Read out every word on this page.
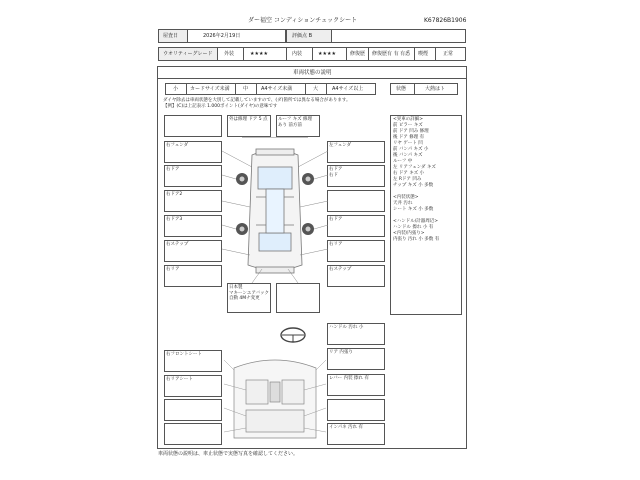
ダー福空 コンディションチェックシート	K67826B1906
屋査日	2026年2月19日	評価点 B
ウオリティーグレード 外装	★★★★	内装	★★★★	修復歴 修復歴有 有 有悉 喫煙	正常
車両状態の説明
小 カードサイズ未満	中	A4サイズ未満	大	A4サイズ以上	状態	大熱はト
ダイヤ除去は車両状態を大別して記載していますので、(ダ)箇所では異なる場合があります。
【例】(C)は上記表示 1.000ポイント(ダイヤ)の意味です
右フェンダ
右ドア
右ドア2
右ドア3
右ステップ
右リア
外は修理 ドア 5 点 ルーフ キズ 修理
あり 前方前
左フェンダ
右ドア
右ド
右ドア
右リア
右ステップ
日本製
マキーンエアバック
自動 4Mナ変更
<実車の詳細>
前 ピラー キズ
前 ドア 凹み 修理
後 ドア 修理 有
リヤ ゲート 凹
前 バンパ キズ 小
後 バンパ キズ
ルーフ 中
左 リアフェンダ キズ
右 ドア キズ 小
左 Rドア 凹み
チップ キズ 小 多数
<内装状態>
天井 汚れ
シート キズ 小 多数
<ハンドル/計器周辺>
ハンドル 擦れ 小 有
<内装/内張り>
内張り 汚れ 小 多数 有
右フロントシート
右リアシート
ハンドル 汚れ 小
リア 内張り
レバー 内装 擦れ 有
インパネ 汚れ 有
車両状態の説明は、車止状態で実態写真を確認してください。
